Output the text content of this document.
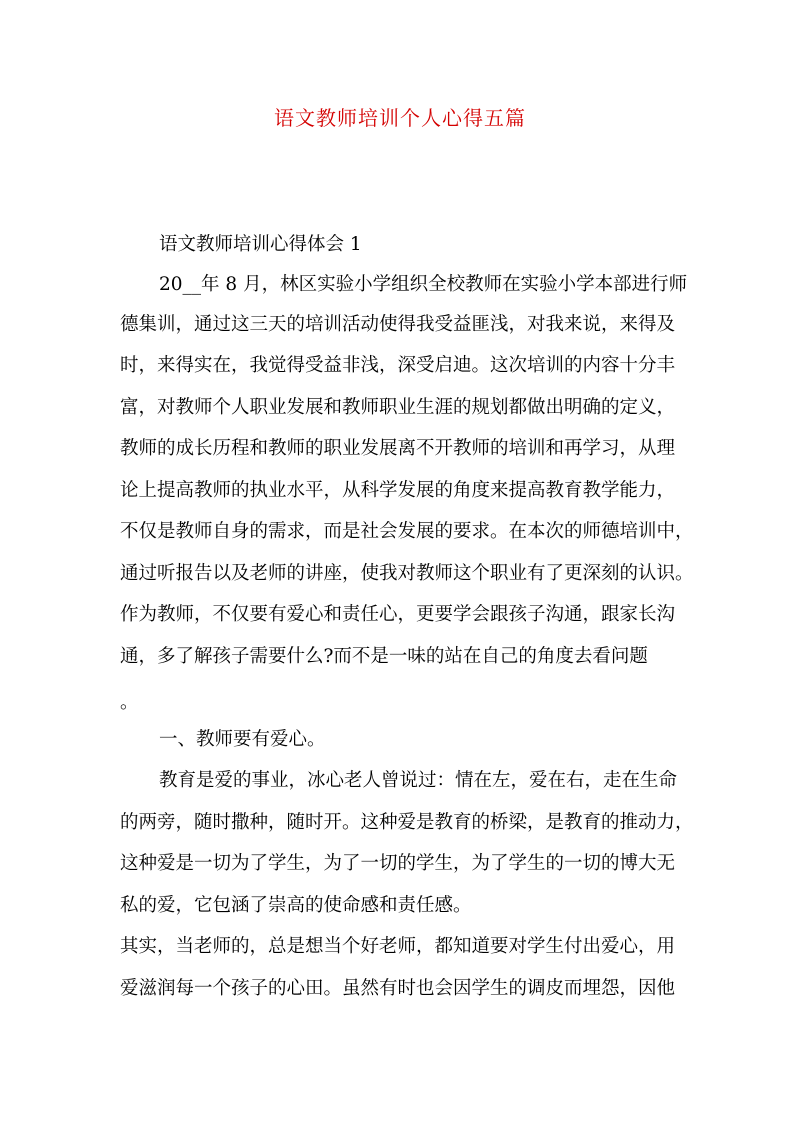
语文教师培训个人心得五篇
语文教师培训心得体会 1
20__年 8 月，林区实验小学组织全校教师在实验小学本部进行师
德集训，通过这三天的培训活动使得我受益匪浅，对我来说，来得及
时，来得实在，我觉得受益非浅，深受启迪。这次培训的内容十分丰
富，对教师个人职业发展和教师职业生涯的规划都做出明确的定义，
教师的成长历程和教师的职业发展离不开教师的培训和再学习，从理
论上提高教师的执业水平，从科学发展的角度来提高教育教学能力，
不仅是教师自身的需求，而是社会发展的要求。在本次的师德培训中，
通过听报告以及老师的讲座，使我对教师这个职业有了更深刻的认识。
作为教师，不仅要有爱心和责任心，更要学会跟孩子沟通，跟家长沟
通，多了解孩子需要什么?而不是一味的站在自己的角度去看问题
。
一、教师要有爱心。
教育是爱的事业，冰心老人曾说过：情在左，爱在右，走在生命
的两旁，随时撒种，随时开。这种爱是教育的桥梁，是教育的推动力，
这种爱是一切为了学生，为了一切的学生，为了学生的一切的博大无
私的爱，它包涵了崇高的使命感和责任感。
其实，当老师的，总是想当个好老师，都知道要对学生付出爱心，用
爱滋润每一个孩子的心田。虽然有时也会因学生的调皮而埋怨，因他
